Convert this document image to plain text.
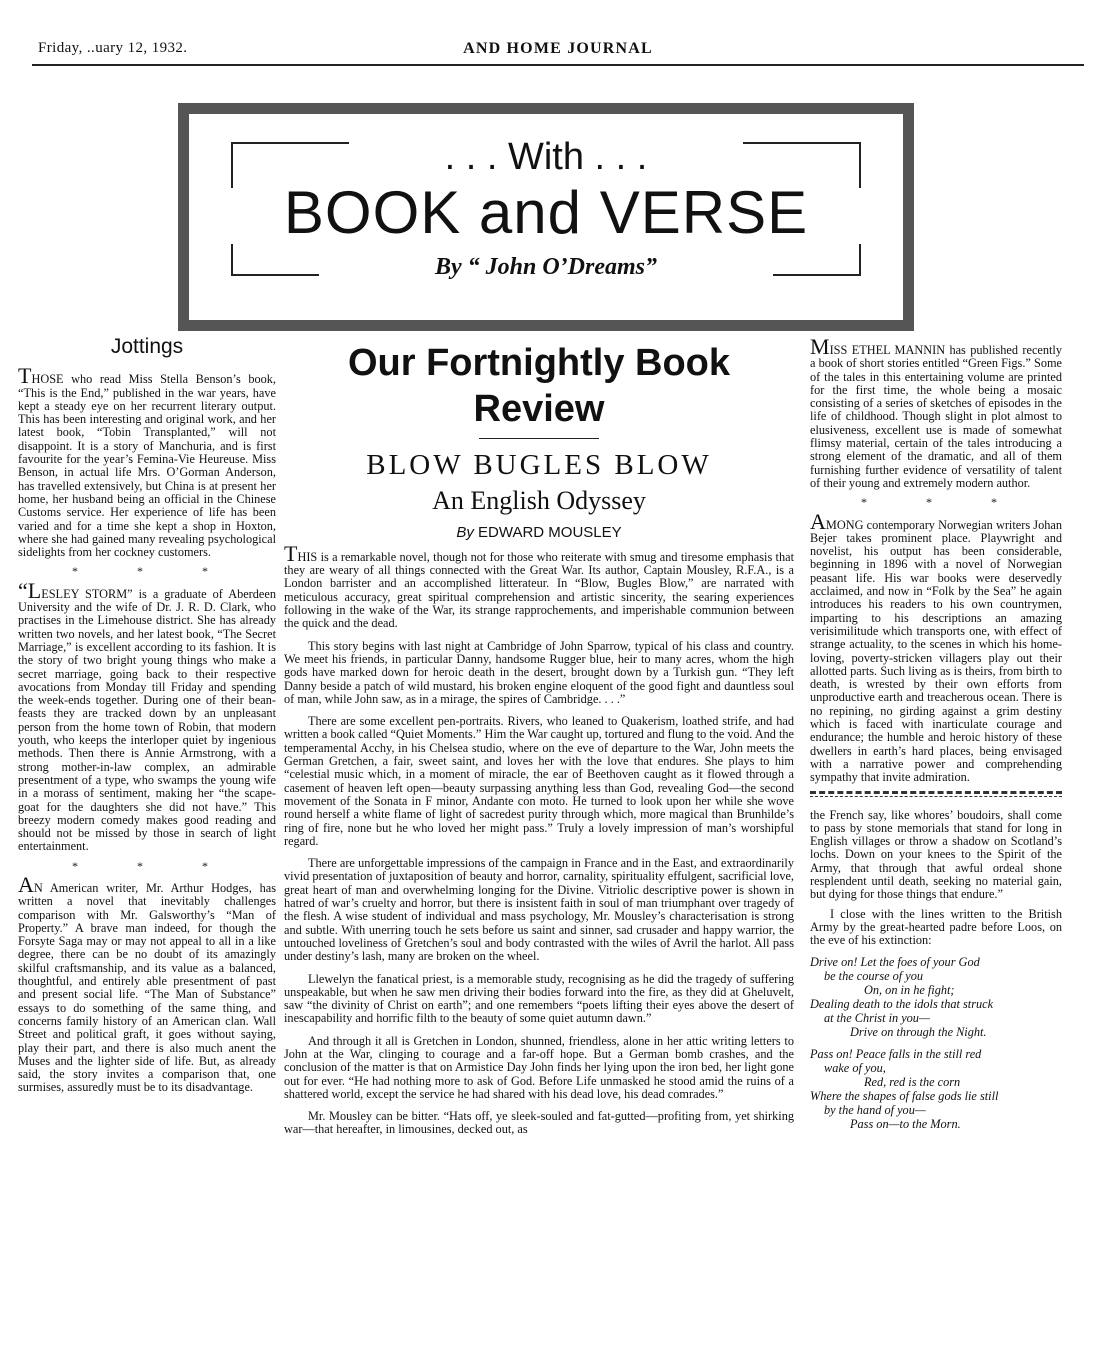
Friday, ..uary 12, 1932.	AND HOME JOURNAL
. . . With . . .
BOOK and VERSE
By “ John O’Dreams”
Jottings

THOSE who read Miss Stella Benson’s book, “This is the End,” published in the war years, have kept a steady eye on her recurrent literary output. This has been interesting and original work, and her latest book, “Tobin Transplanted,” will not disappoint. It is a story of Manchuria, and is first favourite for the year’s Femina-Vie Heureuse. Miss Benson, in actual life Mrs. O’Gorman Anderson, has travelled extensively, but China is at present her home, her husband being an official in the Chinese Customs service. Her experience of life has been varied and for a time she kept a shop in Hoxton, where she had gained many revealing psychological sidelights from her cockney customers.

* * *

“LESLEY STORM” is a graduate of Aberdeen University and the wife of Dr. J. R. D. Clark, who practises in the Limehouse district. She has already written two novels, and her latest book, “The Secret Marriage,” is excellent according to its fashion. It is the story of two bright young things who make a secret marriage, going back to their respective avocations from Monday till Friday and spending the week-ends together. During one of their bean-feasts they are tracked down by an unpleasant person from the home town of Robin, that modern youth, who keeps the interloper quiet by ingenious methods. Then there is Annie Armstrong, with a strong mother-in-law complex, an admirable presentment of a type, who swamps the young wife in a morass of sentiment, making her “the scape-goat for the daughters she did not have.” This breezy modern comedy makes good reading and should not be missed by those in search of light entertainment.

* * *

AN American writer, Mr. Arthur Hodges, has written a novel that inevitably challenges comparison with Mr. Galsworthy’s “Man of Property.” A brave man indeed, for though the Forsyte Saga may or may not appeal to all in a like degree, there can be no doubt of its amazingly skilful craftsmanship, and its value as a balanced, thoughtful, and entirely able presentment of past and present social life. “The Man of Substance” essays to do something of the same thing, and concerns family history of an American clan. Wall Street and political graft, it goes without saying, play their part, and there is also much anent the Muses and the lighter side of life. But, as already said, the story invites a comparison that, one surmises, assuredly must be to its disadvantage.

Our Fortnightly Book Review
BLOW BUGLES BLOW
An English Odyssey
By EDWARD MOUSLEY

THIS is a remarkable novel, though not for those who reiterate with smug and tiresome emphasis that they are weary of all things connected with the Great War. Its author, Captain Mousley, R.F.A., is a London barrister and an accomplished litterateur. In “Blow, Bugles Blow,” are narrated with meticulous accuracy, great spiritual comprehension and artistic sincerity, the searing experiences following in the wake of the War, its strange rapprochements, and imperishable communion between the quick and the dead.

This story begins with last night at Cambridge of John Sparrow, typical of his class and country. We meet his friends, in particular Danny, handsome Rugger blue, heir to many acres, whom the high gods have marked down for heroic death in the desert, brought down by a Turkish gun. “They left Danny beside a patch of wild mustard, his broken engine eloquent of the good fight and dauntless soul of man, while John saw, as in a mirage, the spires of Cambridge. . . .”

There are some excellent pen-portraits. Rivers, who leaned to Quakerism, loathed strife, and had written a book called “Quiet Moments.” Him the War caught up, tortured and flung to the void. And the temperamental Acchy, in his Chelsea studio, where on the eve of departure to the War, John meets the German Gretchen, a fair, sweet saint, and loves her with the love that endures. She plays to him “celestial music which, in a moment of miracle, the ear of Beethoven caught as it flowed through a casement of heaven left open—beauty surpassing anything less than God, revealing God—the second movement of the Sonata in F minor, Andante con moto. He turned to look upon her while she wove round herself a white flame of light of sacredest purity through which, more magical than Brunhilde’s ring of fire, none but he who loved her might pass.” Truly a lovely impression of man’s worshipful regard.

There are unforgettable impressions of the campaign in France and in the East, and extraordinarily vivid presentation of juxtaposition of beauty and horror, carnality, spirituality effulgent, sacrificial love, great heart of man and overwhelming longing for the Divine. Vitriolic descriptive power is shown in hatred of war’s cruelty and horror, but there is insistent faith in soul of man triumphant over tragedy of the flesh. A wise student of individual and mass psychology, Mr. Mousley’s characterisation is strong and subtle. With unerring touch he sets before us saint and sinner, sad crusader and happy warrior, the untouched loveliness of Gretchen’s soul and body contrasted with the wiles of Avril the harlot. All pass under destiny’s lash, many are broken on the wheel.

Llewelyn the fanatical priest, is a memorable study, recognising as he did the tragedy of suffering unspeakable, but when he saw men driving their bodies forward into the fire, as they did at Gheluvelt, saw “the divinity of Christ on earth”; and one remembers “poets lifting their eyes above the desert of inescapability and horrific filth to the beauty of some quiet autumn dawn.”

And through it all is Gretchen in London, shunned, friendless, alone in her attic writing letters to John at the War, clinging to courage and a far-off hope. But a German bomb crashes, and the conclusion of the matter is that on Armistice Day John finds her lying upon the iron bed, her light gone out for ever. “He had nothing more to ask of God. Before Life unmasked he stood amid the ruins of a shattered world, except the service he had shared with his dead love, his dead comrades.”

Mr. Mousley can be bitter. “Hats off, ye sleek-souled and fat-gutted—profiting from, yet shirking war—that hereafter, in limousines, decked out, as

MISS ETHEL MANNIN has published recently a book of short stories entitled “Green Figs.” Some of the tales in this entertaining volume are printed for the first time, the whole being a mosaic consisting of a series of sketches of episodes in the life of childhood. Though slight in plot almost to elusiveness, excellent use is made of somewhat flimsy material, certain of the tales introducing a strong element of the dramatic, and all of them furnishing further evidence of versatility of talent of their young and extremely modern author.

* * *

AMONG contemporary Norwegian writers Johan Bejer takes prominent place. Playwright and novelist, his output has been considerable, beginning in 1896 with a novel of Norwegian peasant life. His war books were deservedly acclaimed, and now in “Folk by the Sea” he again introduces his readers to his own countrymen, imparting to his descriptions an amazing verisimilitude which transports one, with effect of strange actuality, to the scenes in which his home-loving, poverty-stricken villagers play out their allotted parts. Such living as is theirs, from birth to death, is wrested by their own efforts from unproductive earth and treacherous ocean. There is no repining, no girding against a grim destiny which is faced with inarticulate courage and endurance; the humble and heroic history of these dwellers in earth’s hard places, being envisaged with a narrative power and comprehending sympathy that invite admiration.

the French say, like whores’ boudoirs, shall come to pass by stone memorials that stand for long in English villages or throw a shadow on Scotland’s lochs. Down on your knees to the Spirit of the Army, that through that awful ordeal shone resplendent until death, seeking no material gain, but dying for those things that endure.”

I close with the lines written to the British Army by the great-hearted padre before Loos, on the eve of his extinction:

Drive on! Let the foes of your God
be the course of you
On, on in he fight;
Dealing death to the idols that struck
at the Christ in you—
Drive on through the Night.
Pass on! Peace falls in the still red
wake of you,
Red, red is the corn
Where the shapes of false gods lie still
by the hand of you—
Pass on—to the Morn.
